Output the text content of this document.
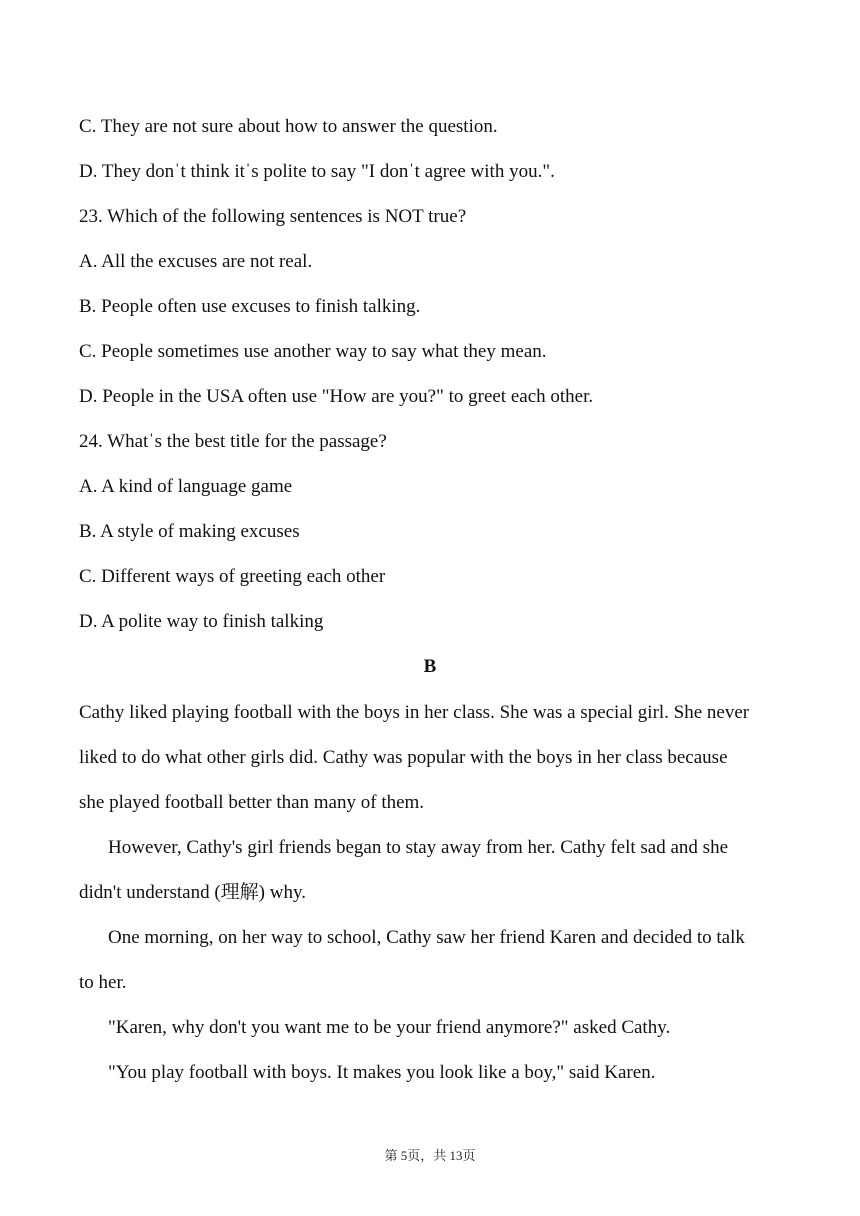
C. They are not sure about how to answer the question.
D. They donˈt think itˈs polite to say "I donˈt agree with you.".
23. Which of the following sentences is NOT true?
A. All the excuses are not real.
B. People often use excuses to finish talking.
C. People sometimes use another way to say what they mean.
D. People in the USA often use "How are you?" to greet each other.
24. Whatˈs the best title for the passage?
A. A kind of language game
B. A style of making excuses
C. Different ways of greeting each other
D. A polite way to finish talking
B
Cathy liked playing football with the boys in her class. She was a special girl. She never
liked to do what other girls did. Cathy was popular with the boys in her class because
she played football better than many of them.
However, Cathy's girl friends began to stay away from her. Cathy felt sad and she
didn't understand (理解) why.
One morning, on her way to school, Cathy saw her friend Karen and decided to talk
to her.
"Karen, why don't you want me to be your friend anymore?" asked Cathy.
"You play football with boys. It makes you look like a boy," said Karen.
第 5页，共 13页
